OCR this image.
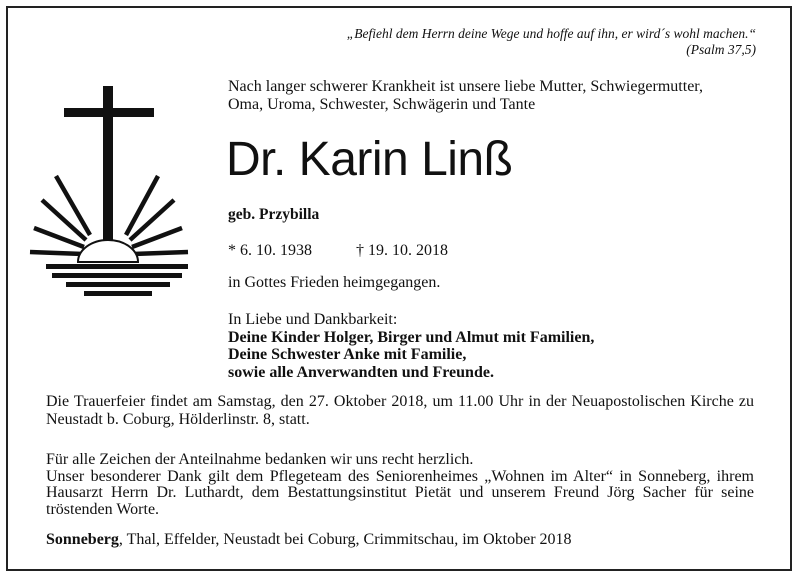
„Befiehl dem Herrn deine Wege und hoffe auf ihn, er wird´s wohl machen.“
(Psalm 37,5)
Nach langer schwerer Krankheit ist unsere liebe Mutter, Schwiegermutter,
Oma, Uroma, Schwester, Schwägerin und Tante
Dr. Karin Linß
geb. Przybilla
* 6. 10. 1938	† 19. 10. 2018
in Gottes Frieden heimgegangen.
In Liebe und Dankbarkeit:
Deine Kinder Holger, Birger und Almut mit Familien,
Deine Schwester Anke mit Familie,
sowie alle Anverwandten und Freunde.
Die Trauerfeier findet am Samstag, den 27. Oktober 2018, um 11.00 Uhr in der Neuapostolischen Kirche zu Neustadt b. Coburg, Hölderlinstr. 8, statt.
Für alle Zeichen der Anteilnahme bedanken wir uns recht herzlich.
Unser besonderer Dank gilt dem Pflegeteam des Seniorenheimes „Wohnen im Alter“ in Sonneberg, ihrem Hausarzt Herrn Dr. Luthardt, dem Bestattungsinstitut Pietät und unserem Freund Jörg Sacher für seine tröstenden Worte.
Sonneberg, Thal, Effelder, Neustadt bei Coburg, Crimmitschau, im Oktober 2018
